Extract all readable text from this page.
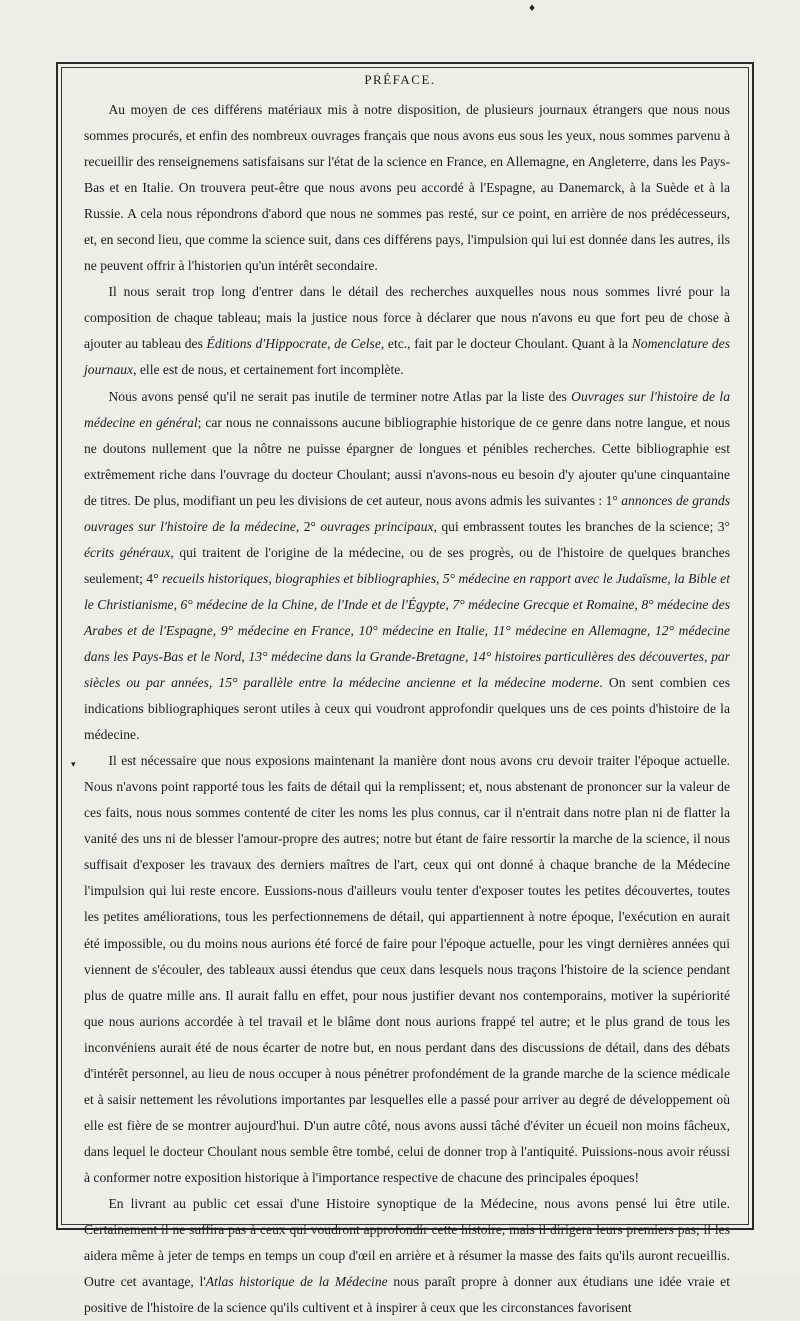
♦
PRÉFACE.
▾

Au moyen de ces différens matériaux mis à notre disposition, de plusieurs journaux étrangers que nous nous sommes procurés, et enfin des nombreux ouvrages français que nous avons eus sous les yeux, nous sommes parvenu à recueillir des renseignemens satisfaisans sur l'état de la science en France, en Allemagne, en Angleterre, dans les Pays-Bas et en Italie. On trouvera peut-être que nous avons peu accordé à l'Espagne, au Danemarck, à la Suède et à la Russie. A cela nous répondrons d'abord que nous ne sommes pas resté, sur ce point, en arrière de nos prédécesseurs, et, en second lieu, que comme la science suit, dans ces différens pays, l'impulsion qui lui est donnée dans les autres, ils ne peuvent offrir à l'historien qu'un intérêt secondaire.

Il nous serait trop long d'entrer dans le détail des recherches auxquelles nous nous sommes livré pour la composition de chaque tableau; mais la justice nous force à déclarer que nous n'avons eu que fort peu de chose à ajouter au tableau des Éditions d'Hippocrate, de Celse, etc., fait par le docteur Choulant. Quant à la Nomenclature des journaux, elle est de nous, et certainement fort incomplète.

Nous avons pensé qu'il ne serait pas inutile de terminer notre Atlas par la liste des Ouvrages sur l'histoire de la médecine en général; car nous ne connaissons aucune bibliographie historique de ce genre dans notre langue, et nous ne doutons nullement que la nôtre ne puisse épargner de longues et pénibles recherches. Cette bibliographie est extrêmement riche dans l'ouvrage du docteur Choulant; aussi n'avons-nous eu besoin d'y ajouter qu'une cinquantaine de titres. De plus, modifiant un peu les divisions de cet auteur, nous avons admis les suivantes : 1° annonces de grands ouvrages sur l'histoire de la médecine, 2° ouvrages principaux, qui embrassent toutes les branches de la science; 3° écrits généraux, qui traitent de l'origine de la médecine, ou de ses progrès, ou de l'histoire de quelques branches seulement; 4° recueils historiques, biographies et bibliographies, 5° médecine en rapport avec le Judaïsme, la Bible et le Christianisme, 6° médecine de la Chine, de l'Inde et de l'Égypte, 7° médecine Grecque et Romaine, 8° médecine des Arabes et de l'Espagne, 9° médecine en France, 10° médecine en Italie, 11° médecine en Allemagne, 12° médecine dans les Pays-Bas et le Nord, 13° médecine dans la Grande-Bretagne, 14° histoires particulières des découvertes, par siècles ou par années, 15° parallèle entre la médecine ancienne et la médecine moderne. On sent combien ces indications bibliographiques seront utiles à ceux qui voudront approfondir quelques uns de ces points d'histoire de la médecine.

Il est nécessaire que nous exposions maintenant la manière dont nous avons cru devoir traiter l'époque actuelle. Nous n'avons point rapporté tous les faits de détail qui la remplissent; et, nous abstenant de prononcer sur la valeur de ces faits, nous nous sommes contenté de citer les noms les plus connus, car il n'entrait dans notre plan ni de flatter la vanité des uns ni de blesser l'amour-propre des autres; notre but étant de faire ressortir la marche de la science, il nous suffisait d'exposer les travaux des derniers maîtres de l'art, ceux qui ont donné à chaque branche de la Médecine l'impulsion qui lui reste encore. Eussions-nous d'ailleurs voulu tenter d'exposer toutes les petites découvertes, toutes les petites améliorations, tous les perfectionnemens de détail, qui appartiennent à notre époque, l'exécution en aurait été impossible, ou du moins nous aurions été forcé de faire pour l'époque actuelle, pour les vingt dernières années qui viennent de s'écouler, des tableaux aussi étendus que ceux dans lesquels nous traçons l'histoire de la science pendant plus de quatre mille ans. Il aurait fallu en effet, pour nous justifier devant nos contemporains, motiver la supériorité que nous aurions accordée à tel travail et le blâme dont nous aurions frappé tel autre; et le plus grand de tous les inconvéniens aurait été de nous écarter de notre but, en nous perdant dans des discussions de détail, dans des débats d'intérêt personnel, au lieu de nous occuper à nous pénétrer profondément de la grande marche de la science médicale et à saisir nettement les révolutions importantes par lesquelles elle a passé pour arriver au degré de développement où elle est fière de se montrer aujourd'hui. D'un autre côté, nous avons aussi tâché d'éviter un écueil non moins fâcheux, dans lequel le docteur Choulant nous semble être tombé, celui de donner trop à l'antiquité. Puissions-nous avoir réussi à conformer notre exposition historique à l'importance respective de chacune des principales époques!

En livrant au public cet essai d'une Histoire synoptique de la Médecine, nous avons pensé lui être utile. Certainement il ne suffira pas à ceux qui voudront approfondir cette histoire, mais il dirigera leurs premiers pas; il les aidera même à jeter de temps en temps un coup d'œil en arrière et à résumer la masse des faits qu'ils auront recueillis. Outre cet avantage, l'Atlas historique de la Médecine nous paraît propre à donner aux étudians une idée vraie et positive de l'histoire de la science qu'ils cultivent et à inspirer à ceux que les circonstances favorisent
